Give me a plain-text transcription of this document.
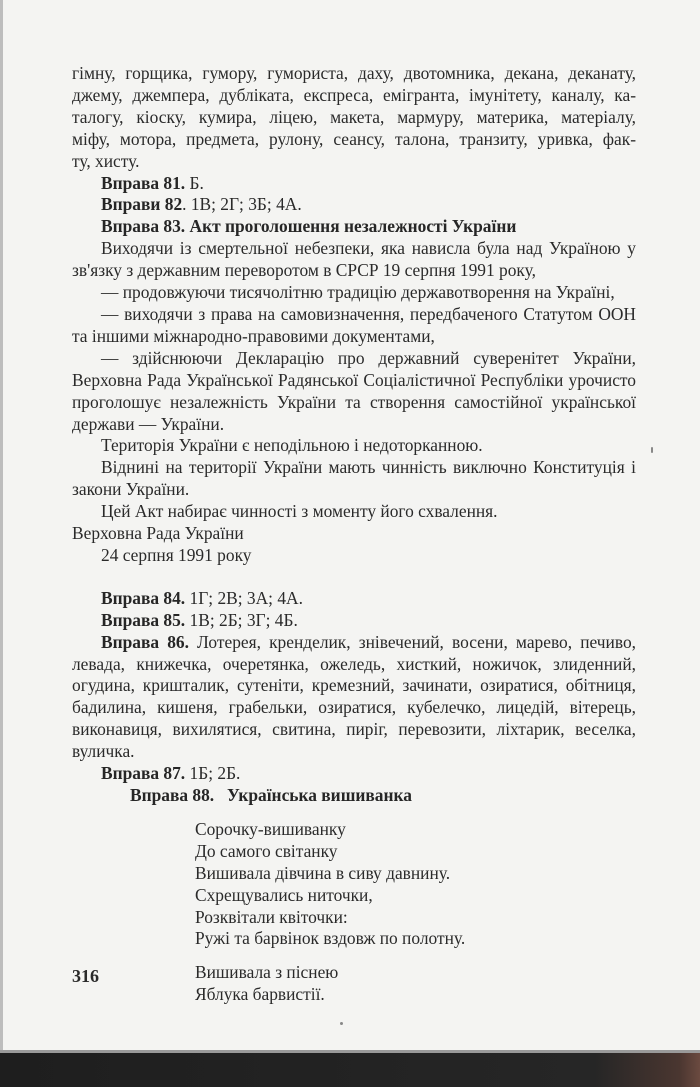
гімну, горщика, гумору, гумориста, даху, двотомника, декана, деканату,

джему, джемпера, дубліката, експреса, емігранта, імунітету, каналу, ка-

талогу, кіоску, кумира, ліцею, макета, мармуру, материка, матеріалу,

міфу, мотора, предмета, рулону, сеансу, талона, транзиту, уривка, фак-

ту, хисту.

Вправа 81. Б.

Вправи 82. 1В; 2Г; 3Б; 4А.

Вправа 83. Акт проголошення незалежності України

Виходячи із смертельної небезпеки, яка нависла була над Україною у зв'язку з державним переворотом в СРСР 19 серпня 1991 року,

— продовжуючи тисячолітню традицію державотворення на Україні,

— виходячи з права на самовизначення, передбаченого Статутом ООН та іншими міжнародно-правовими документами,

— здійснюючи Декларацію про державний суверенітет України, Верховна Рада Української Радянської Соціалістичної Республіки урочисто проголошує незалежність України та створення самостійної української держави — України.

Територія України є неподільною і недоторканною.

Віднині на території України мають чинність виключно Конституція і закони України.

Цей Акт набирає чинності з моменту його схвалення.

Верховна Рада України

24 серпня 1991 року

Вправа 84. 1Г; 2В; 3А; 4А.

Вправа 85. 1В; 2Б; 3Г; 4Б.

Вправа 86. Лотерея, кренделик, знівечений, восени, марево, печиво, левада, книжечка, очеретянка, ожеледь, хисткий, ножичок, злиденний, огудина, кришталик, сутеніти, кремезний, зачинати, озиратися, обітниця, бадилина, кишеня, грабельки, озиратися, кубелечко, лицедій, вітерець, виконавиця, вихилятися, свитина, пиріг, перевозити, ліхтарик, веселка, вуличка.

Вправа 87. 1Б; 2Б.

Вправа 88. Українська вишиванка

Сорочку-вишиванку

До самого світанку

Вишивала дівчина в сиву давнину.

Схрещувались ниточки,

Розквітали квіточки:

Ружі та барвінок вздовж по полотну.

Вишивала з піснею

Яблука барвистії.

316
